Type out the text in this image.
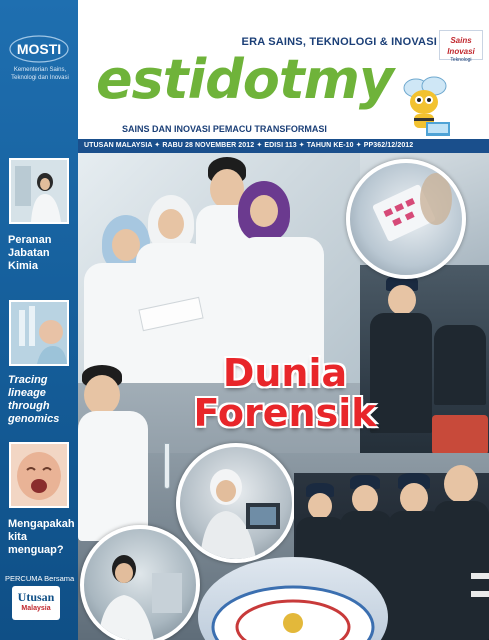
MOSTI
Kementerian Sains, Teknologi dan Inovasi
Peranan Jabatan Kimia
Tracing lineage through genomics
Mengapakah kita menguap?
PERCUMA Bersama
Utusan
Malaysia
ERA SAINS, TEKNOLOGI & INOVASI
estidotmy
Sains Inovasi
Teknologi
SAINS DAN INOVASI PEMACU TRANSFORMASI
UTUSAN MALAYSIA ✦ RABU 28 NOVEMBER 2012 ✦ EDISI 113 ✦ TAHUN KE-10 ✦ PP362/12/2012
Dunia
Forensik
